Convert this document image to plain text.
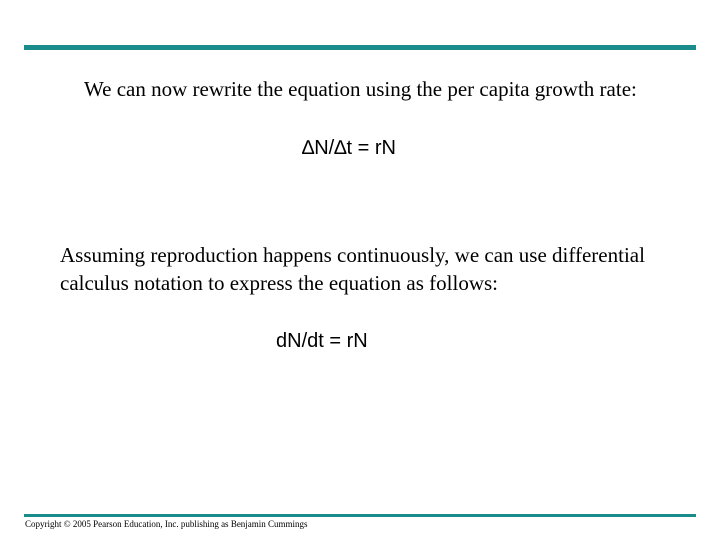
We can now rewrite the equation using the per capita growth rate:

∆N/∆t = rN

Assuming reproduction happens continuously, we can use differential calculus notation to express the equation as follows:

dN/dt = rN
Copyright © 2005 Pearson Education, Inc. publishing as Benjamin Cummings
